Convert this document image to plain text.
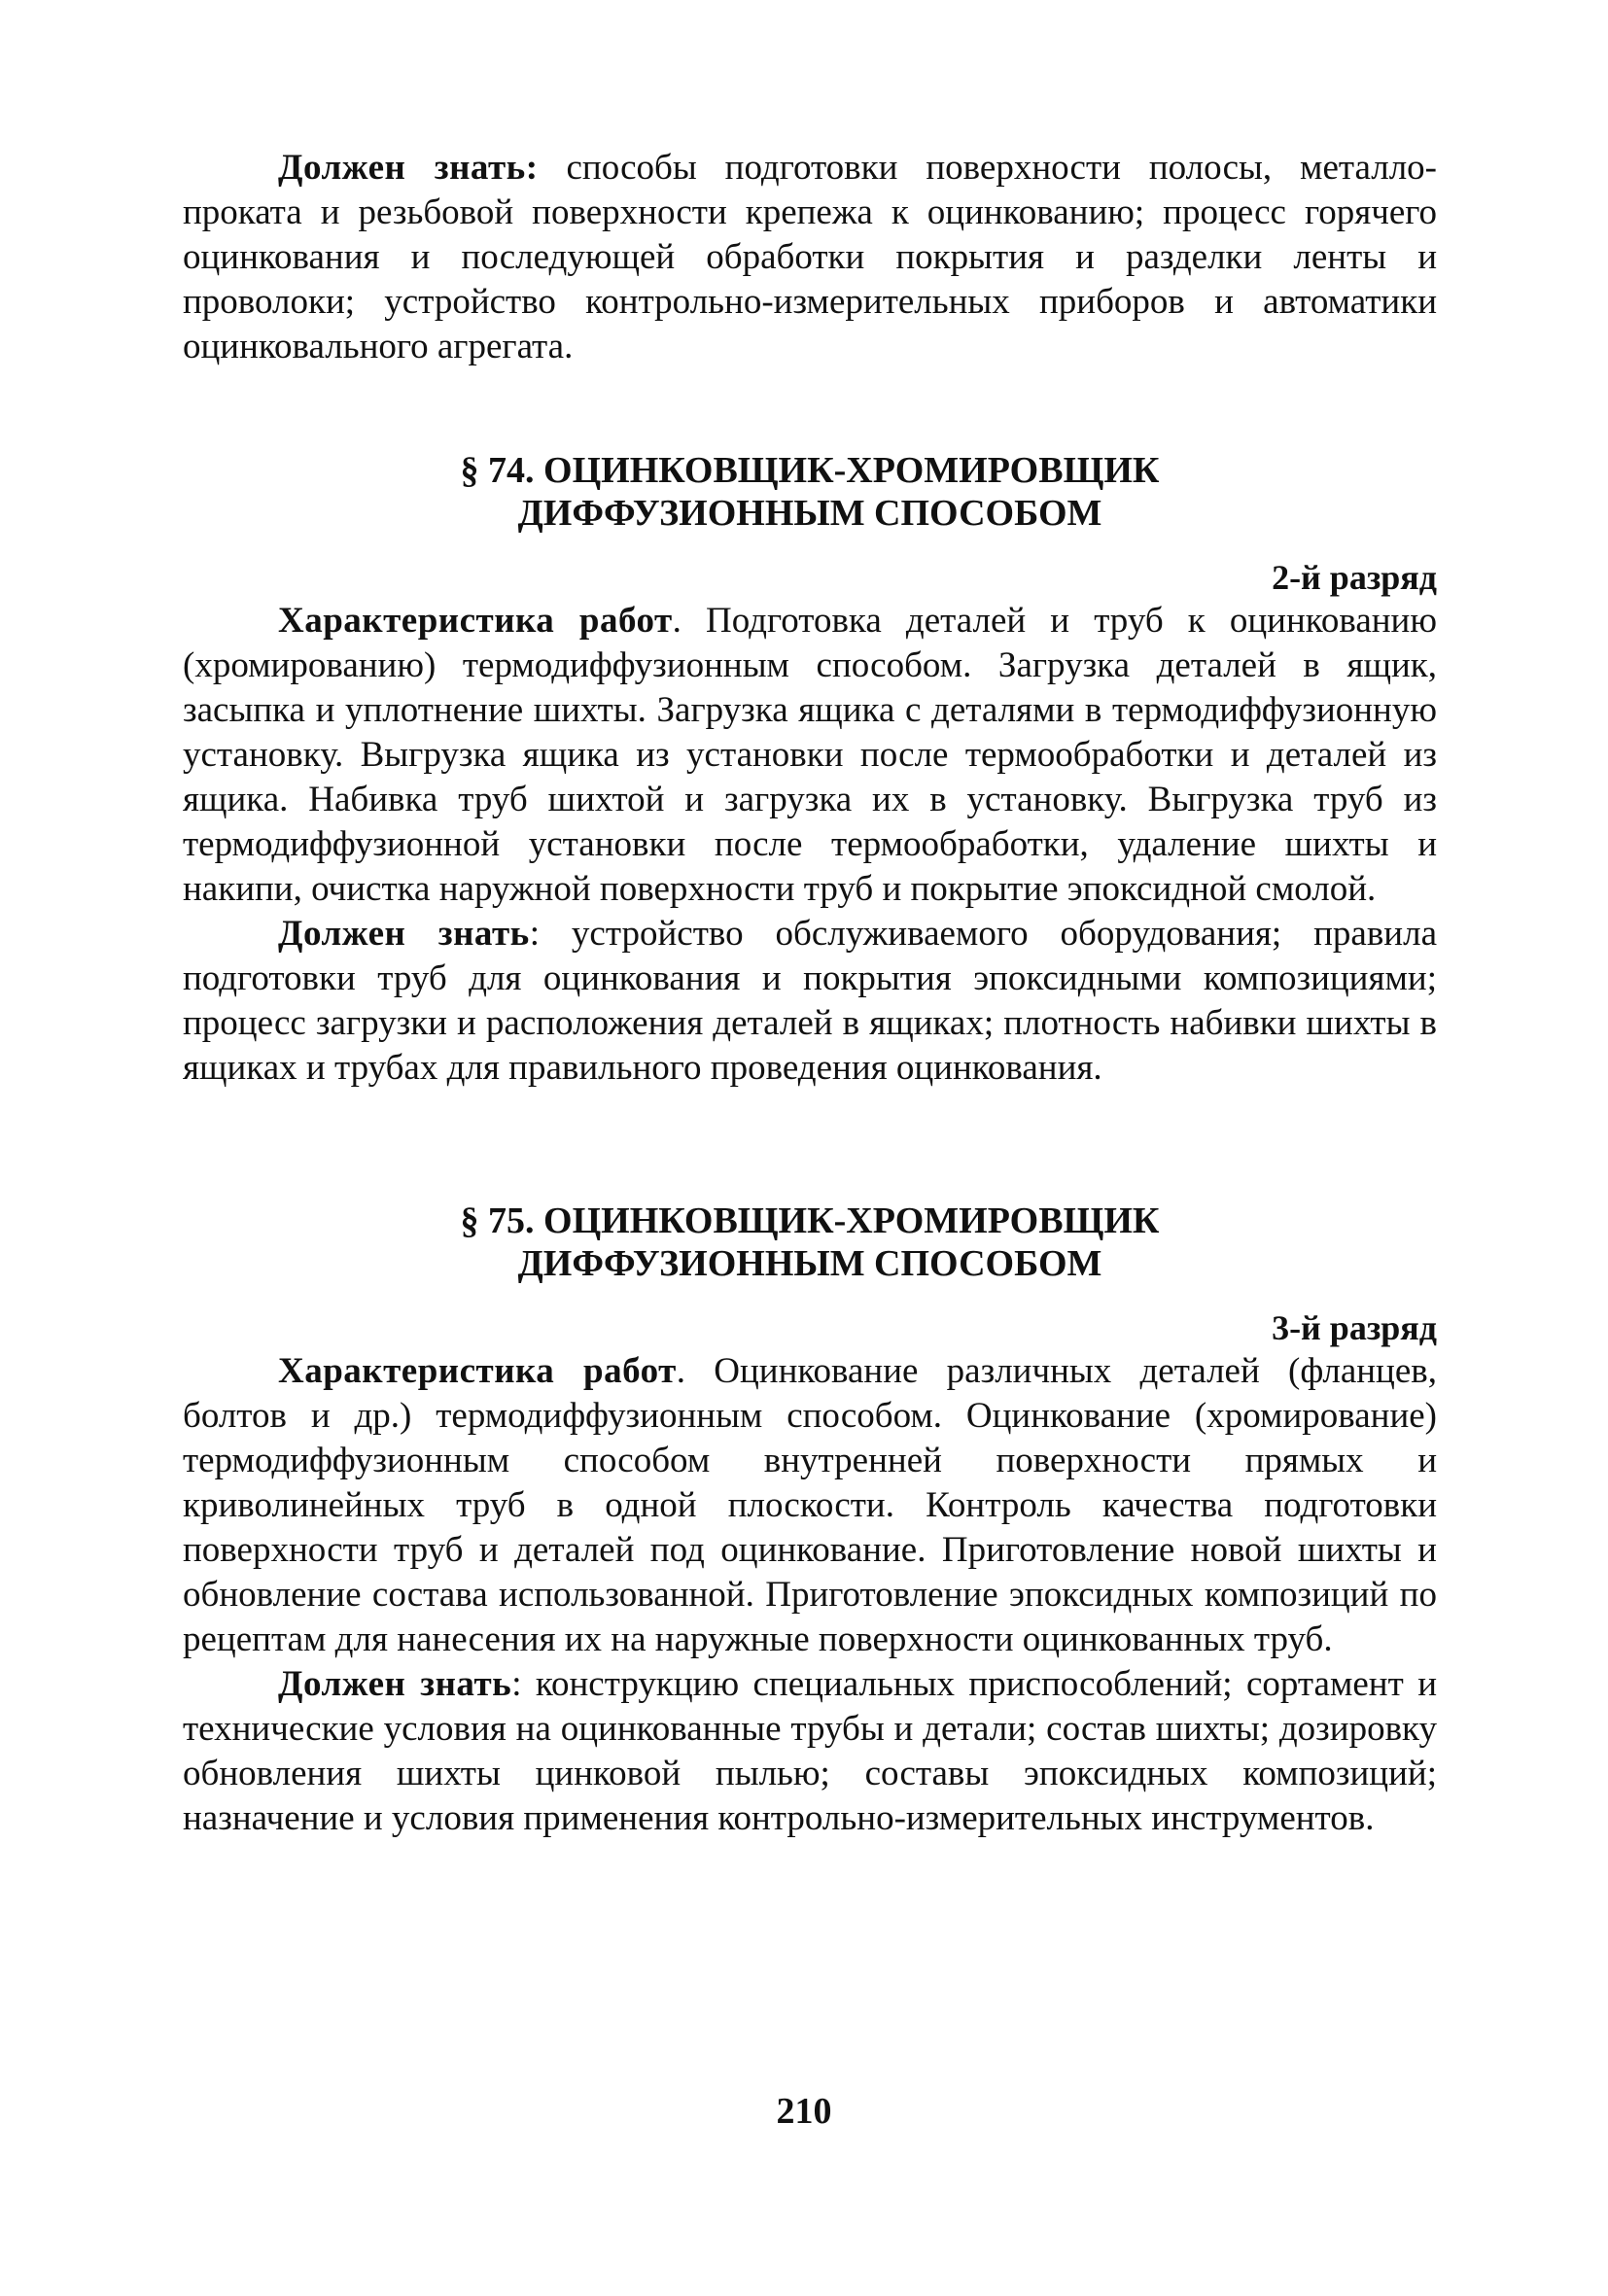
Должен знать: способы подготовки поверхности полосы, металло-проката и резьбовой поверхности крепежа к оцинкованию; процесс горячего оцинкования и последующей обработки покрытия и разделки ленты и проволоки; устройство контрольно-измерительных приборов и автоматики оцинковального агрегата.

§ 74. ОЦИНКОВЩИК-ХРОМИРОВЩИК
ДИФФУЗИОННЫМ СПОСОБОМ
2-й разряд

Характеристика работ. Подготовка деталей и труб к оцинкованию (хромированию) термодиффузионным способом. Загрузка деталей в ящик, засыпка и уплотнение шихты. Загрузка ящика с деталями в термодиффузионную установку. Выгрузка ящика из установки после термообработки и деталей из ящика. Набивка труб шихтой и загрузка их в установку. Выгрузка труб из термодиффузионной установки после термообработки, удаление шихты и накипи, очистка наружной поверхности труб и покрытие эпоксидной смолой.

Должен знать: устройство обслуживаемого оборудования; правила подготовки труб для оцинкования и покрытия эпоксидными композициями; процесс загрузки и расположения деталей в ящиках; плотность набивки шихты в ящиках и трубах для правильного проведения оцинкования.

§ 75. ОЦИНКОВЩИК-ХРОМИРОВЩИК
ДИФФУЗИОННЫМ СПОСОБОМ
3-й разряд

Характеристика работ. Оцинкование различных деталей (фланцев, болтов и др.) термодиффузионным способом. Оцинкование (хромирование) термодиффузионным способом внутренней поверхности прямых и криволинейных труб в одной плоскости. Контроль качества подготовки поверхности труб и деталей под оцинкование. Приготовление новой шихты и обновление состава использованной. Приготовление эпоксидных композиций по рецептам для нанесения их на наружные поверхности оцинкованных труб.

Должен знать: конструкцию специальных приспособлений; сортамент и технические условия на оцинкованные трубы и детали; состав шихты; дозировку обновления шихты цинковой пылью; составы эпоксидных композиций; назначение и условия применения контрольно-измерительных инструментов.

210
